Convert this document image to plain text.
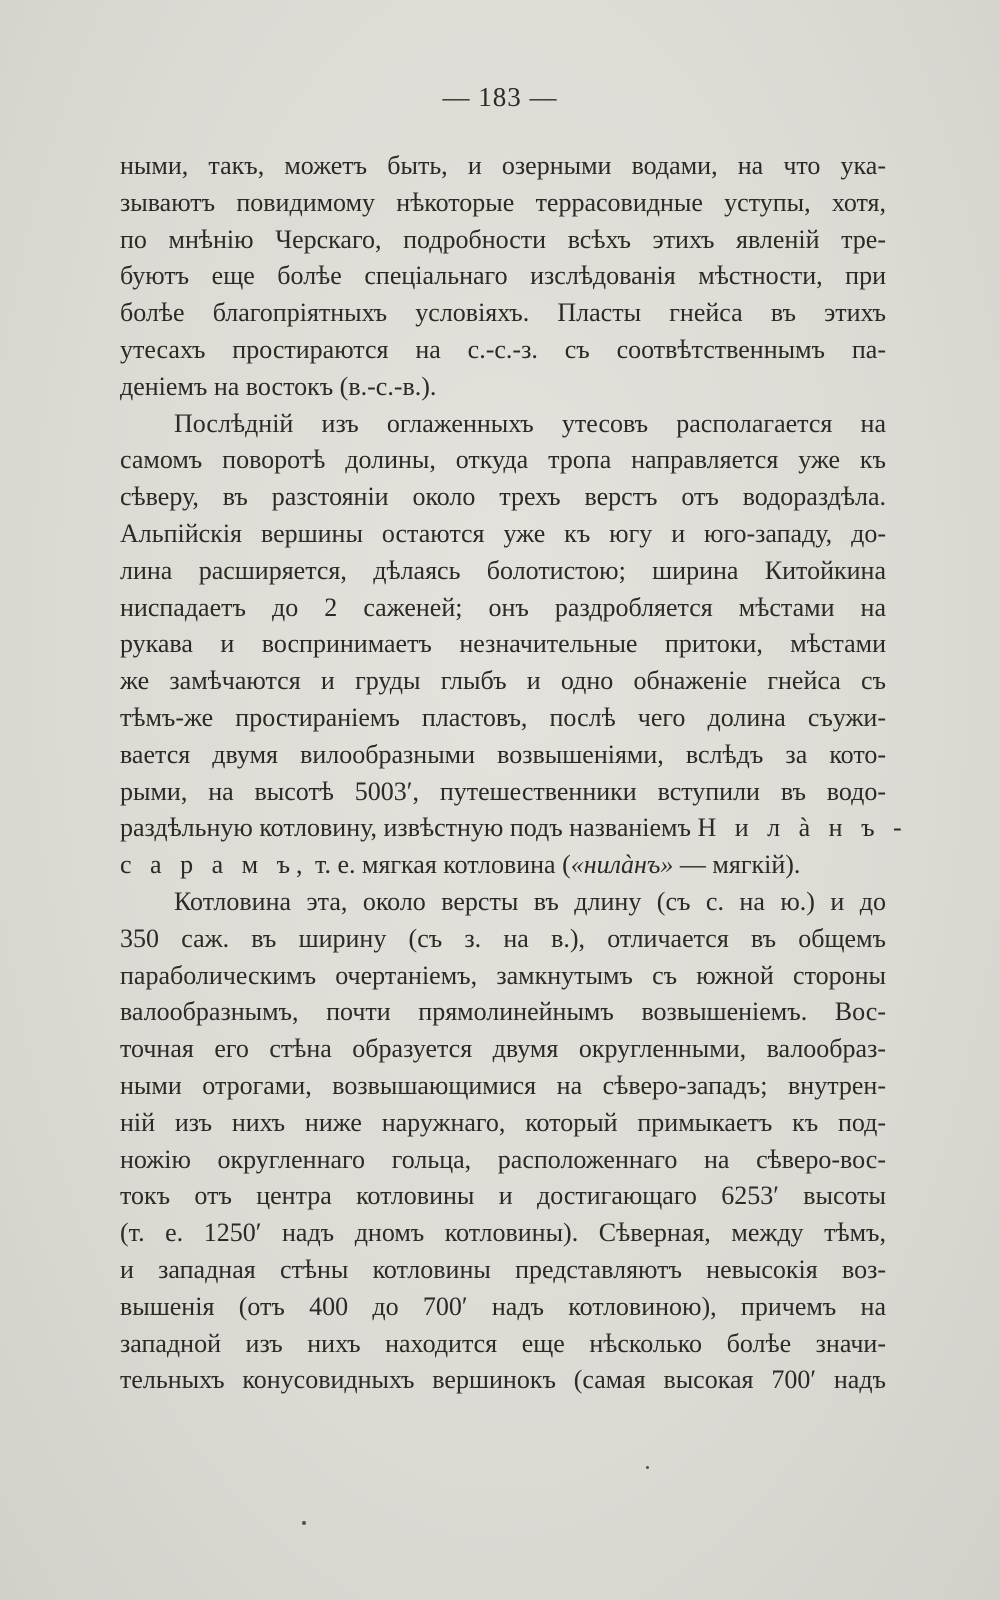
— 183 —
ными, такъ, можетъ быть, и озерными водами, на что ука-
зываютъ повидимому нѣкоторые террасовидные уступы, хотя,
по мнѣнію Черскаго, подробности всѣхъ этихъ явленій тре-
буютъ еще болѣе спеціальнаго изслѣдованія мѣстности, при
болѣе благопріятныхъ условіяхъ. Пласты гнейса въ этихъ
утесахъ простираются на с.-с.-з. съ соотвѣтственнымъ па-
деніемъ на востокъ (в.-с.-в.).
Послѣдній изъ оглаженныхъ утесовъ располагается на
самомъ поворотѣ долины, откуда тропа направляется уже къ
сѣверу, въ разстояніи около трехъ верстъ отъ водораздѣла.
Альпійскія вершины остаются уже къ югу и юго-западу, до-
лина расширяется, дѣлаясь болотистою; ширина Китойкина
ниспадаетъ до 2 саженей; онъ раздробляется мѣстами на
рукава и воспринимаетъ незначительные притоки, мѣстами
же замѣчаются и груды глыбъ и одно обнаженіе гнейса съ
тѣмъ-же простираніемъ пластовъ, послѣ чего долина съужи-
вается двумя вилообразными возвышеніями, вслѣдъ за кото-
рыми, на высотѣ 5003′, путешественники вступили въ водо-
раздѣльную котловину, извѣстную подъ названіемъ Н и л à н ъ -
с а р а м ъ, т. е. мягкая котловина («нилàнъ» — мягкій).
Котловина эта, около версты въ длину (съ с. на ю.) и до
350 саж. въ ширину (съ з. на в.), отличается въ общемъ
параболическимъ очертаніемъ, замкнутымъ съ южной стороны
валообразнымъ, почти прямолинейнымъ возвышеніемъ. Вос-
точная его стѣна образуется двумя округленными, валообраз-
ными отрогами, возвышающимися на сѣверо-западъ; внутрен-
ній изъ нихъ ниже наружнаго, который примыкаетъ къ под-
ножію округленнаго гольца, расположеннаго на сѣверо-вос-
токъ отъ центра котловины и достигающаго 6253′ высоты
(т. е. 1250′ надъ дномъ котловины). Сѣверная, между тѣмъ,
и западная стѣны котловины представляютъ невысокія воз-
вышенія (отъ 400 до 700′ надъ котловиною), причемъ на
западной изъ нихъ находится еще нѣсколько болѣе значи-
тельныхъ конусовидныхъ вершинокъ (самая высокая 700′ надъ
